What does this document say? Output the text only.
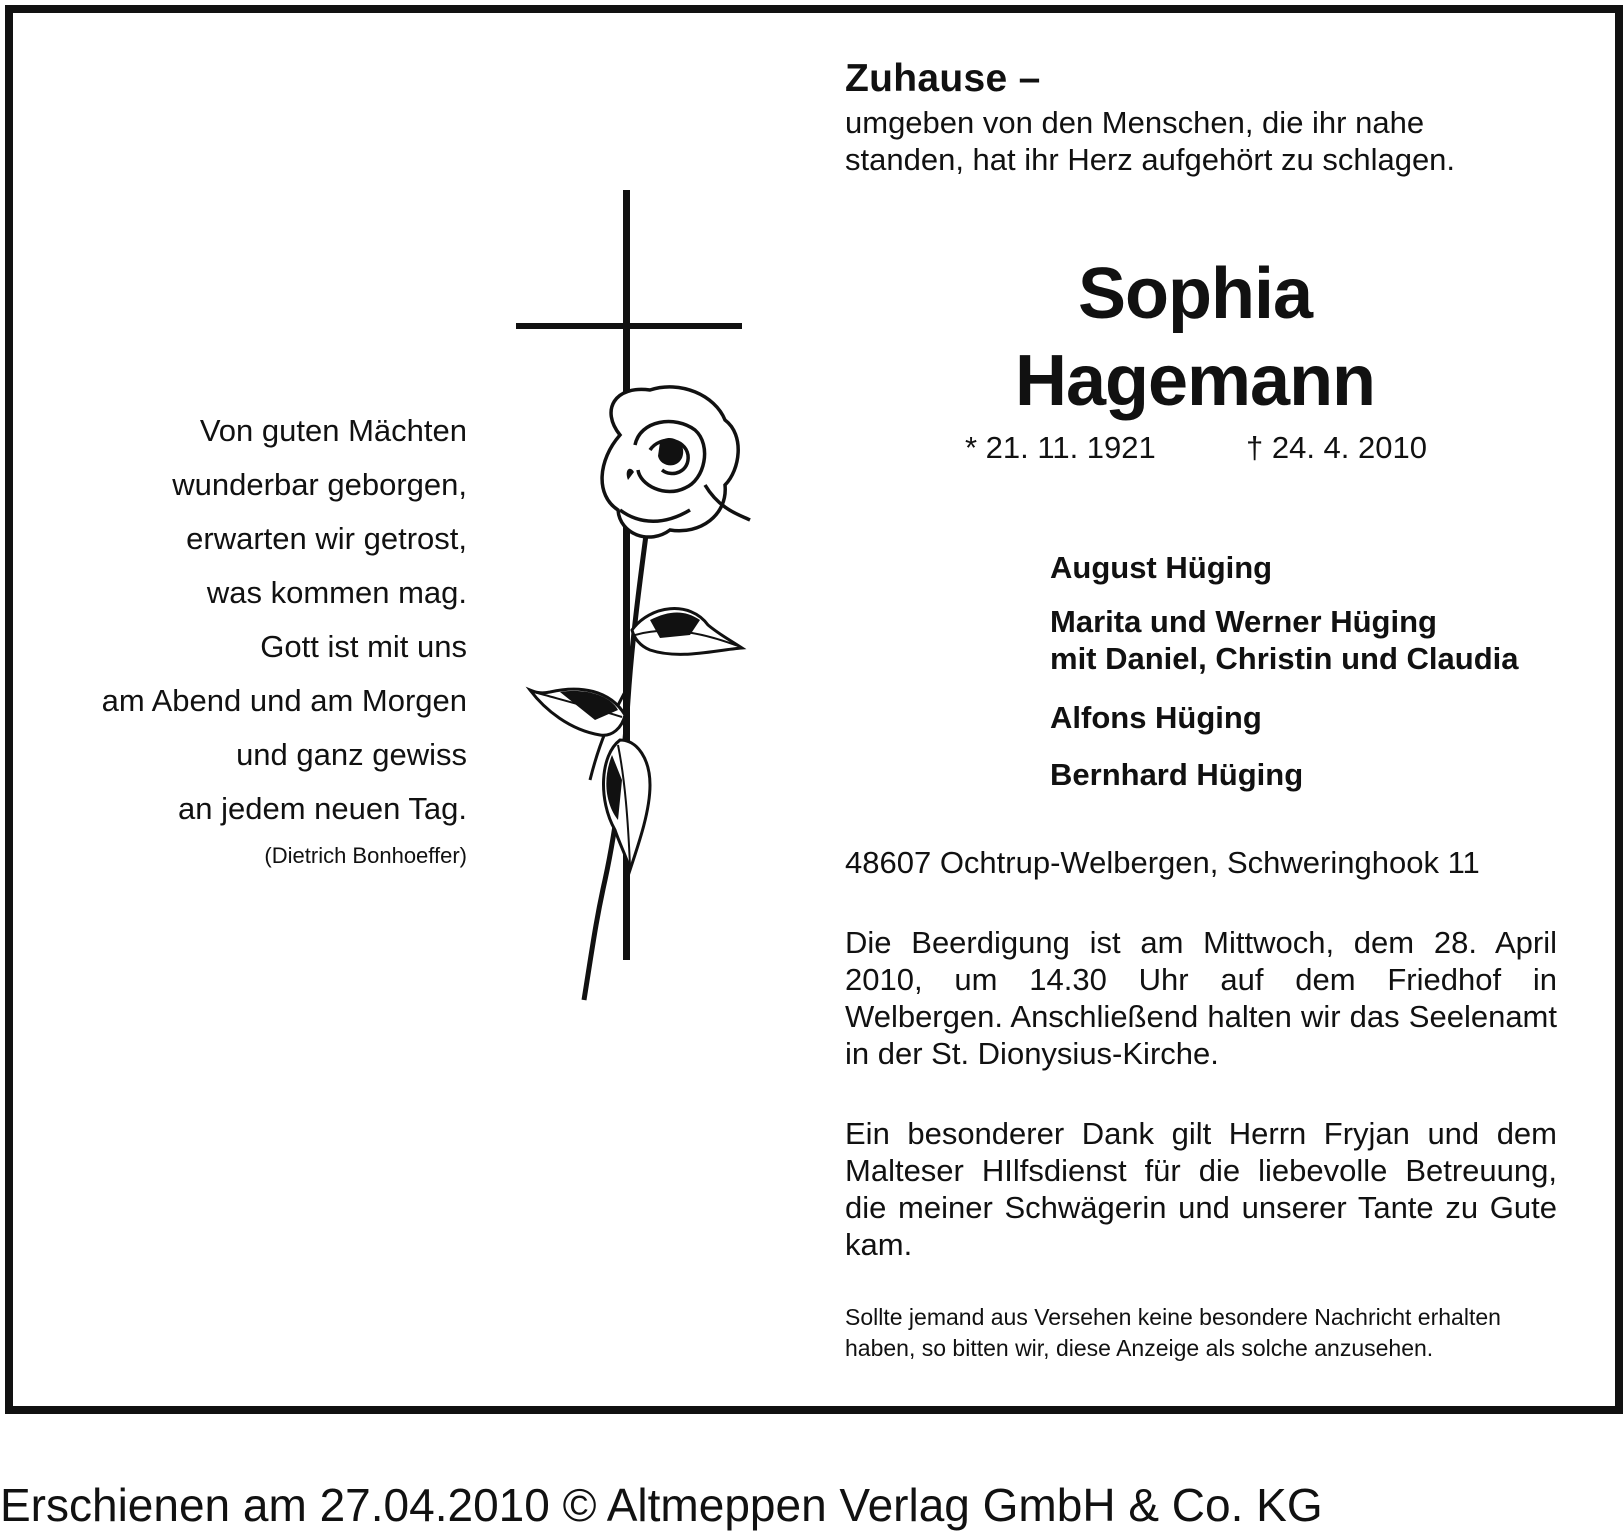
Zuhause –
umgeben von den Menschen, die ihr nahe
standen, hat ihr Herz aufgehört zu schlagen.
Sophia
Hagemann
* 21. 11. 1921	† 24. 4. 2010
August Hüging
Marita und Werner Hüging
mit Daniel, Christin und Claudia
Alfons Hüging
Bernhard Hüging
Von guten Mächten
wunderbar geborgen,
erwarten wir getrost,
was kommen mag.
Gott ist mit uns
am Abend und am Morgen
und ganz gewiss
an jedem neuen Tag.
(Dietrich Bonhoeffer)	48607 Ochtrup-Welbergen, Schweringhook 11
Die Beerdigung ist am Mittwoch, dem 28. April 2010, um 14.30 Uhr auf dem Friedhof in Welbergen. Anschließend halten wir das Seelenamt in der St. Dionysius-Kirche.
Ein besonderer Dank gilt Herrn Fryjan und dem Malteser HIlfsdienst für die liebevolle Betreuung, die meiner Schwägerin und unserer Tante zu Gute kam.
Sollte jemand aus Versehen keine besondere Nachricht erhalten haben, so bitten wir, diese Anzeige als solche anzusehen.
Erschienen am 27.04.2010 © Altmeppen Verlag GmbH & Co. KG
